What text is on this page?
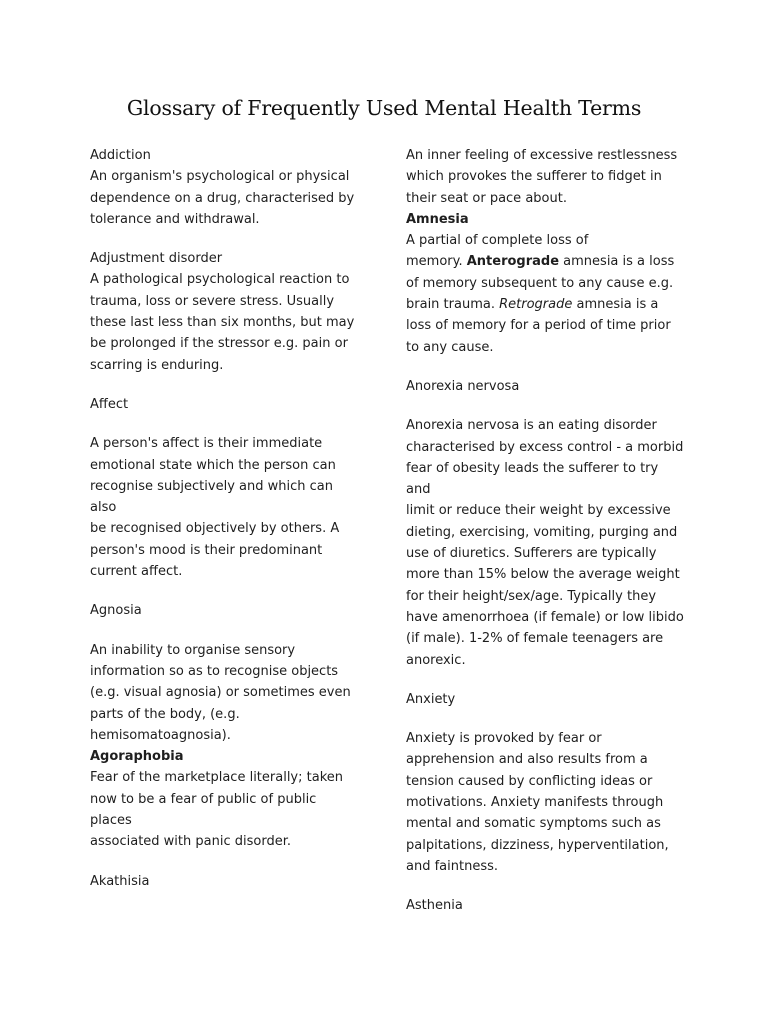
Glossary of Frequently Used Mental Health Terms

Addiction

An organism's psychological or physical
dependence on a drug, characterised by
tolerance and withdrawal.

Adjustment disorder

A pathological psychological reaction to
trauma, loss or severe stress. Usually
these last less than six months, but may
be prolonged if the stressor e.g. pain or
scarring is enduring.

Affect

A person's affect is their immediate
emotional state which the person can
recognise subjectively and which can also
be recognised objectively by others. A
person's mood is their predominant
current affect.

Agnosia

An inability to organise sensory
information so as to recognise objects
(e.g. visual agnosia) or sometimes even
parts of the body, (e.g.
hemisomatoagnosia).

Agoraphobia

Fear of the marketplace literally; taken
now to be a fear of public of public places
associated with panic disorder.

Akathisia

An inner feeling of excessive restlessness
which provokes the sufferer to fidget in
their seat or pace about.

Amnesia

A partial of complete loss of
memory. Anterograde amnesia is a loss
of memory subsequent to any cause e.g.
brain trauma. Retrograde amnesia is a
loss of memory for a period of time prior
to any cause.

Anorexia nervosa

Anorexia nervosa is an eating disorder
characterised by excess control - a morbid
fear of obesity leads the sufferer to try and
limit or reduce their weight by excessive
dieting, exercising, vomiting, purging and
use of diuretics. Sufferers are typically
more than 15% below the average weight
for their height/sex/age. Typically they
have amenorrhoea (if female) or low libido
(if male). 1-2% of female teenagers are
anorexic.

Anxiety

Anxiety is provoked by fear or
apprehension and also results from a
tension caused by conflicting ideas or
motivations. Anxiety manifests through
mental and somatic symptoms such as
palpitations, dizziness, hyperventilation,
and faintness.

Asthenia
